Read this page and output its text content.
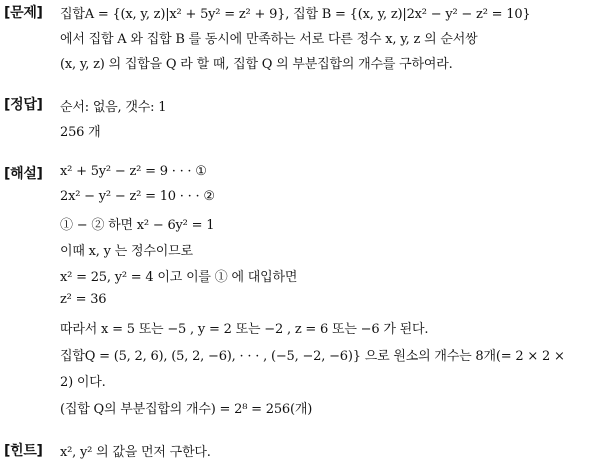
[문제] 집합A = {(x, y, z)|x² + 5y² = z² + 9}, 집합 B = {(x, y, z)|2x² − y² − z² = 10}
에서 집합 A 와 집합 B 를 동시에 만족하는 서로 다른 정수 x, y, z 의 순서쌍
(x, y, z) 의 집합을 Q 라 할 때, 집합 Q 의 부분집합의 개수를 구하여라.
[정답] 순서: 없음, 갯수: 1
256 개
[해설] x² + 5y² − z² = 9 · · · ①
2x² − y² − z² = 10 · · · ②
① − ② 하면 x² − 6y² = 1
이때 x, y 는 정수이므로
x² = 25, y² = 4 이고 이를 ① 에 대입하면
z² = 36
따라서 x = 5 또는 −5 , y = 2 또는 −2 , z = 6 또는 −6 가 된다.
집합Q = (5, 2, 6), (5, 2, −6), · · · , (−5, −2, −6)} 으로 원소의 개수는 8개(= 2 × 2 ×
2) 이다.
(집합 Q의 부분집합의 개수) = 2⁸ = 256(개)
[힌트] x², y² 의 값을 먼저 구한다.
